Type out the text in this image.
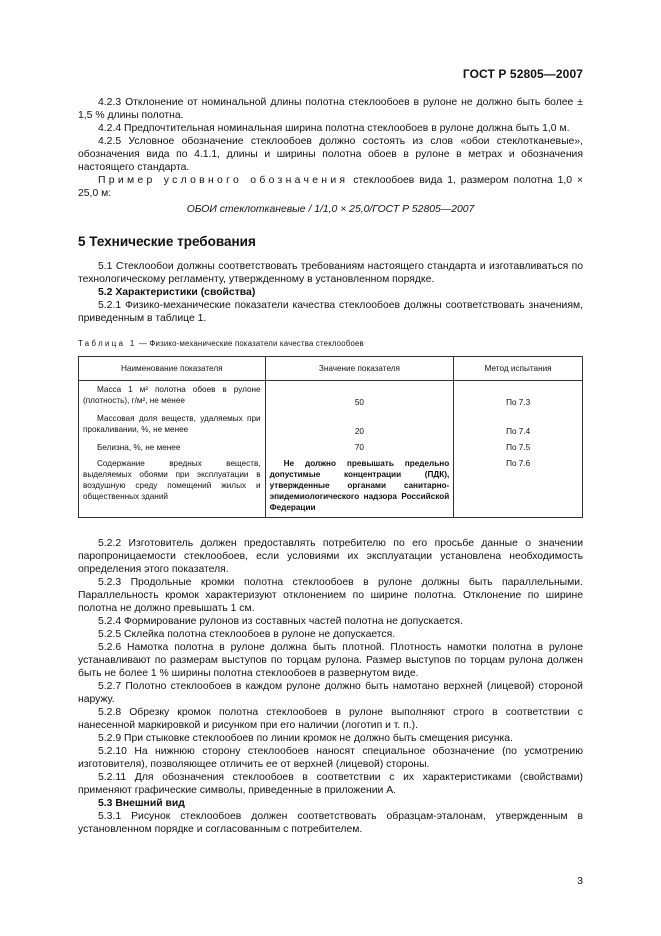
ГОСТ Р 52805—2007

4.2.3 Отклонение от номинальной длины полотна стеклообоев в рулоне не должно быть более ± 1,5 % длины полотна.

4.2.4 Предпочтительная номинальная ширина полотна стеклообоев в рулоне должна быть 1,0 м.

4.2.5 Условное обозначение стеклообоев должно состоять из слов «обои стеклотканевые», обозначения вида по 4.1.1, длины и ширины полотна обоев в рулоне в метрах и обозначения настоящего стандарта.

Пример условного обозначения стеклообоев вида 1, размером полотна 1,0 × 25,0 м:

ОБОИ стеклотканевые / 1/1,0 × 25,0/ГОСТ Р 52805—2007

5 Технические требования

5.1 Стеклообои должны соответствовать требованиям настоящего стандарта и изготавливаться по технологическому регламенту, утвержденному в установленном порядке.

5.2 Характеристики (свойства)

5.2.1 Физико-механические показатели качества стеклообоев должны соответствовать значениям, приведенным в таблице 1.

Таблица 1 — Физико-механические показатели качества стеклообоев
Наименование показателя	Значение показателя	Метод испытания
Масса 1 м² полотна обоев в рулоне (плотность), г/м², не менее	50	По 7.3
Массовая доля веществ, удаляемых при прокаливании, %, не менее	20	По 7.4
Белизна, %, не менее	70	По 7.5
Содержание вредных веществ, выделяемых обоями при эксплуатации в воздушную среду помещений жилых и общественных зданий	Не должно превышать предельно допустимые концентрации (ПДК), утвержденные органами санитарно-эпидемиологического надзора Российской Федерации	По 7.6

5.2.2 Изготовитель должен предоставлять потребителю по его просьбе данные о значении паропроницаемости стеклообоев, если условиями их эксплуатации установлена необходимость определения этого показателя.

5.2.3 Продольные кромки полотна стеклообоев в рулоне должны быть параллельными. Параллельность кромок характеризуют отклонением по ширине полотна. Отклонение по ширине полотна не должно превышать 1 см.

5.2.4 Формирование рулонов из составных частей полотна не допускается.

5.2.5 Склейка полотна стеклообоев в рулоне не допускается.

5.2.6 Намотка полотна в рулоне должна быть плотной. Плотность намотки полотна в рулоне устанавливают по размерам выступов по торцам рулона. Размер выступов по торцам рулона должен быть не более 1 % ширины полотна стеклообоев в развернутом виде.

5.2.7 Полотно стеклообоев в каждом рулоне должно быть намотано верхней (лицевой) стороной наружу.

5.2.8 Обрезку кромок полотна стеклообоев в рулоне выполняют строго в соответствии с нанесенной маркировкой и рисунком при его наличии (логотип и т. п.).

5.2.9 При стыковке стеклообоев по линии кромок не должно быть смещения рисунка.

5.2.10 На нижнюю сторону стеклообоев наносят специальное обозначение (по усмотрению изготовителя), позволяющее отличить ее от верхней (лицевой) стороны.

5.2.11 Для обозначения стеклообоев в соответствии с их характеристиками (свойствами) применяют графические символы, приведенные в приложении А.

5.3 Внешний вид

5.3.1 Рисунок стеклообоев должен соответствовать образцам-эталонам, утвержденным в установленном порядке и согласованным с потребителем.

3
